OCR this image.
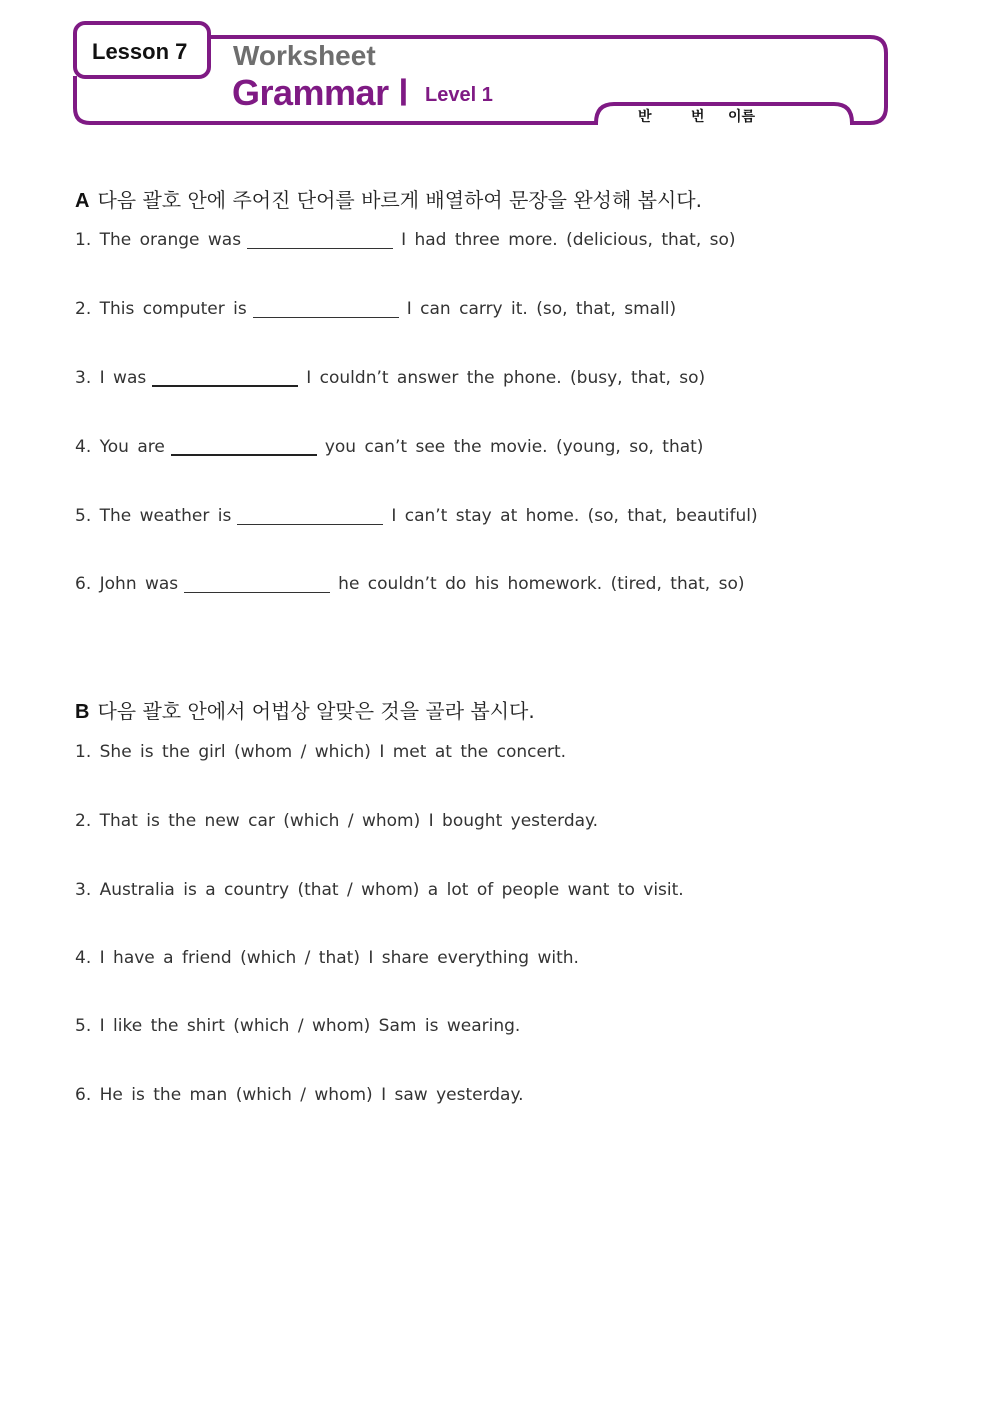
Lesson 7 Worksheet
Grammar Ⅰ Level 1
반	번 이름
A 다음 괄호 안에 주어진 단어를 바르게 배열하여 문장을 완성해 봅시다.
1. The orange was	I had three more. (delicious, that, so)
2. This computer is	I can carry it. (so, that, small)
3. I was	I couldn’t answer the phone. (busy, that, so)
4. You are	you can’t see the movie. (young, so, that)
5. The weather is	I can’t stay at home. (so, that, beautiful)
6. John was	he couldn’t do his homework. (tired, that, so)
B 다음 괄호 안에서 어법상 알맞은 것을 골라 봅시다.
1. She is the girl (whom / which) I met at the concert.
2. That is the new car (which / whom) I bought yesterday.
3. Australia is a country (that / whom) a lot of people want to visit.
4. I have a friend (which / that) I share everything with.
5. I like the shirt (which / whom) Sam is wearing.
6. He is the man (which / whom) I saw yesterday.
